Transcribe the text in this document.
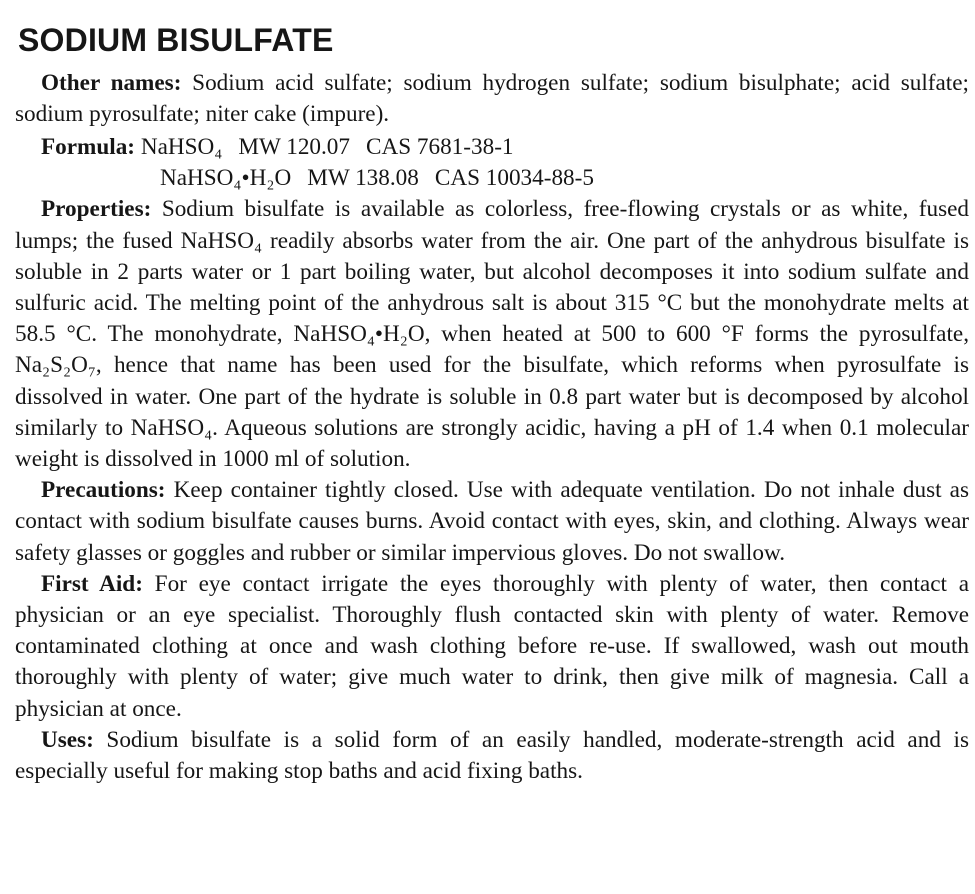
SODIUM BISULFATE

Other names: Sodium acid sulfate; sodium hydrogen sulfate; sodium bisulphate; acid sulfate; sodium pyrosulfate; niter cake (impure).

Formula: NaHSO₄ MW 120.07 CAS 7681-38-1
NaHSO₄•H₂O MW 138.08 CAS 10034-88-5

Properties: Sodium bisulfate is available as colorless, free-flowing crystals or as white, fused lumps; the fused NaHSO₄ readily absorbs water from the air. One part of the anhydrous bisulfate is soluble in 2 parts water or 1 part boiling water, but alcohol decomposes it into sodium sulfate and sulfuric acid. The melting point of the anhydrous salt is about 315 °C but the monohydrate melts at 58.5 °C. The monohydrate, NaHSO₄•H₂O, when heated at 500 to 600 °F forms the pyrosulfate, Na₂S₂O₇, hence that name has been used for the bisulfate, which reforms when pyrosulfate is dissolved in water. One part of the hydrate is soluble in 0.8 part water but is decomposed by alcohol similarly to NaHSO₄. Aqueous solutions are strongly acidic, having a pH of 1.4 when 0.1 molecular weight is dissolved in 1000 ml of solution.

Precautions: Keep container tightly closed. Use with adequate ventilation. Do not inhale dust as contact with sodium bisulfate causes burns. Avoid contact with eyes, skin, and clothing. Always wear safety glasses or goggles and rubber or similar impervious gloves. Do not swallow.

First Aid: For eye contact irrigate the eyes thoroughly with plenty of water, then contact a physician or an eye specialist. Thoroughly flush contacted skin with plenty of water. Remove contaminated clothing at once and wash clothing before re-use. If swallowed, wash out mouth thoroughly with plenty of water; give much water to drink, then give milk of magnesia. Call a physician at once.

Uses: Sodium bisulfate is a solid form of an easily handled, moderate-strength acid and is especially useful for making stop baths and acid fixing baths.
